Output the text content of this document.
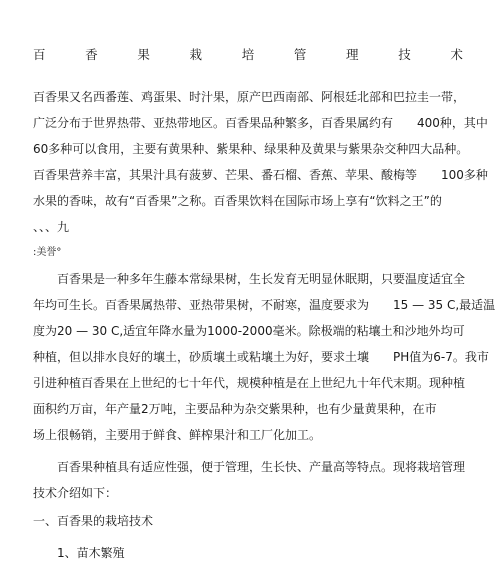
百	香	果	栽	培	管	理	技	术
百香果又名西番莲、鸡蛋果、时汁果，原产巴西南部、阿根廷北部和巴拉圭一带，
广泛分布于世界热带、亚热带地区。百香果品种繁多，百香果属约有　　400种，其中
60多种可以食用，主要有黄果种、紫果种、绿果种及黄果与紫果杂交种四大品种。
百香果营养丰富，其果汁具有菠萝、芒果、番石榴、香蕉、苹果、酸梅等　　100多种
水果的香味，故有“百香果”之称。百香果饮料在国际市场上享有“饮料之王”的
、、、九
:美誉°
百香果是一种多年生藤本常绿果树，生长发育无明显休眠期，只要温度适宜全
年均可生长。百香果属热带、亚热带果树，不耐寒，温度要求为　　15 — 35 C,最适温
度为20 — 30 C,适宜年降水量为1000-2000毫米。除极端的粘壤土和沙地外均可
种植，但以排水良好的壤土，砂质壤土或粘壤土为好，要求土壤　　PH值为6-7。我市
引进种植百香果在上世纪的七十年代，规模种植是在上世纪九十年代末期。现种植
面积约万亩，年产量2万吨，主要品种为杂交紫果种，也有少量黄果种，在市
场上很畅销，主要用于鲜食、鲜榨果汁和工厂化加工。
百香果种植具有适应性强，便于管理，生长快、产量高等特点。现将栽培管理
技术介绍如下：
一、百香果的栽培技术
1、苗木繁殖
